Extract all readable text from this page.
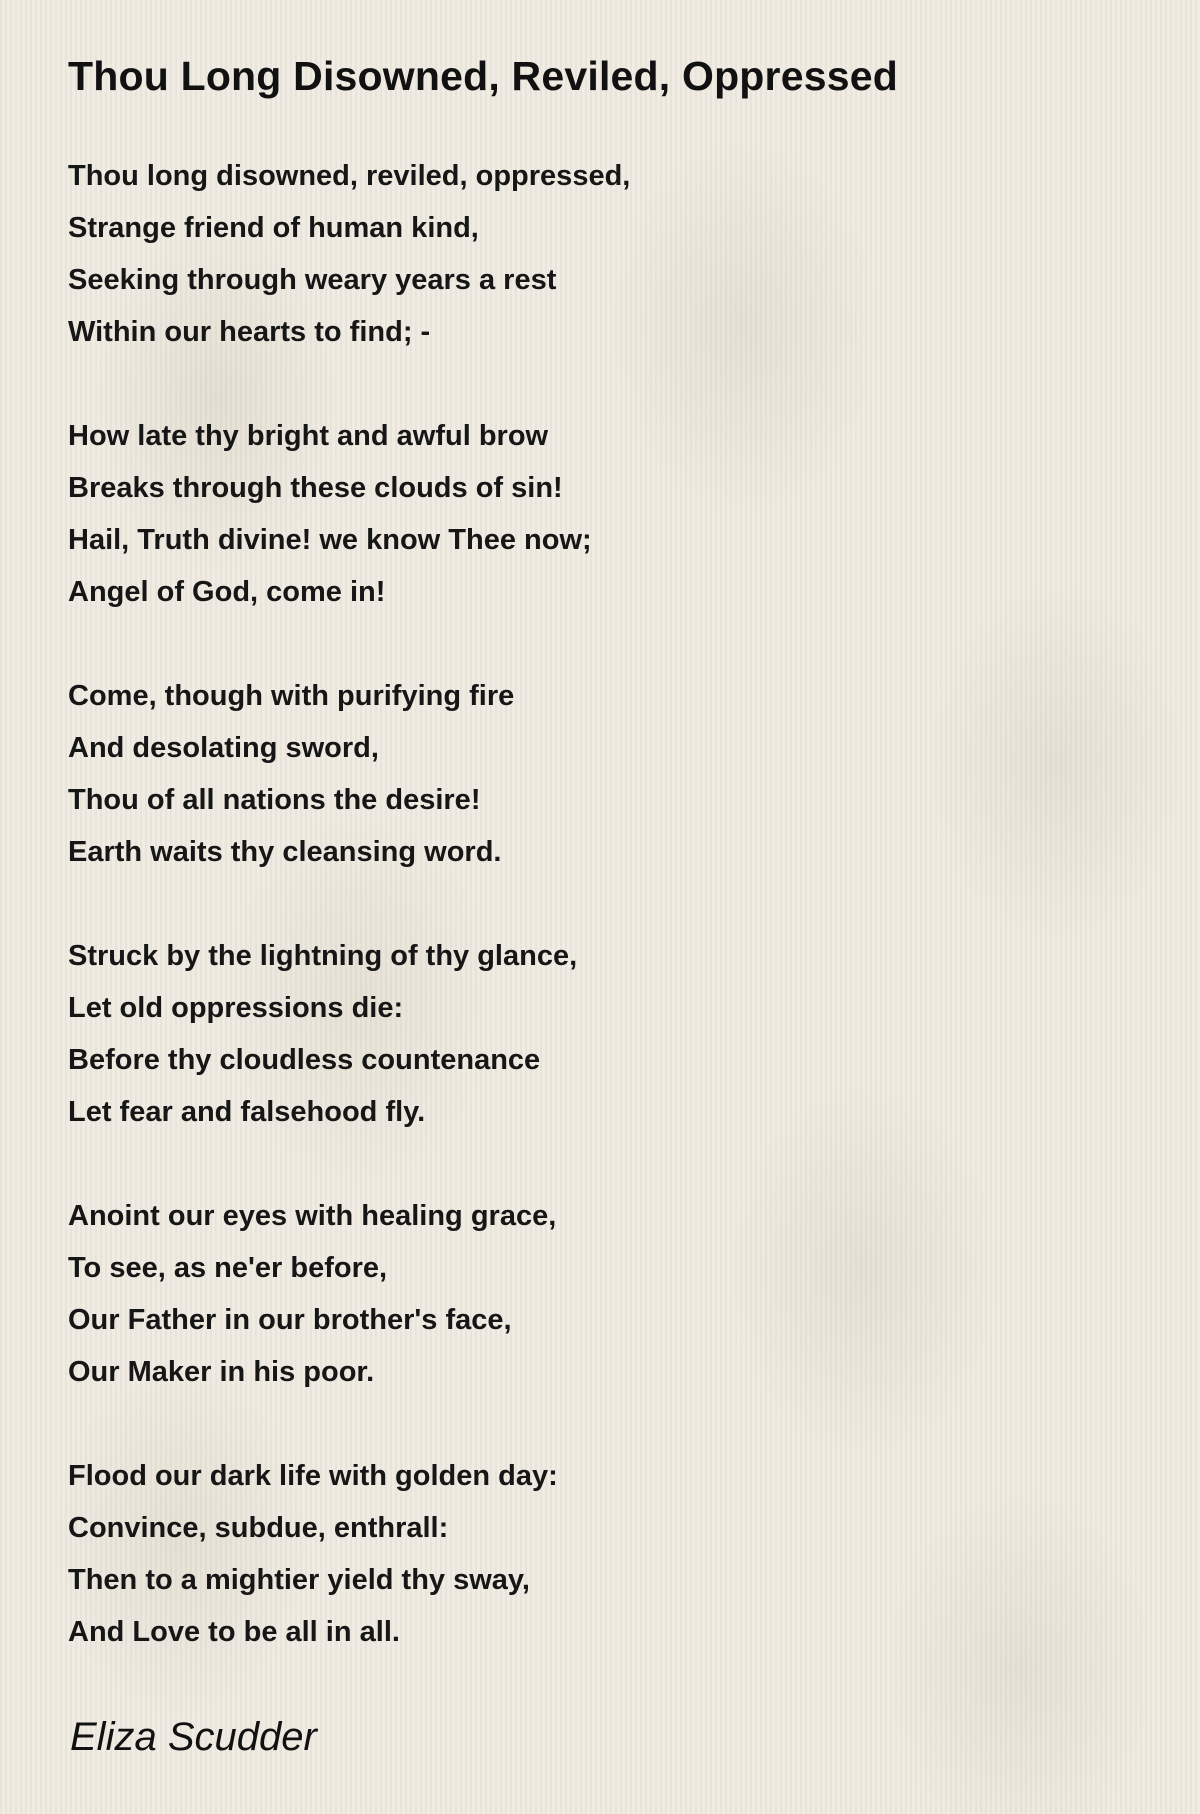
Thou Long Disowned, Reviled, Oppressed
Thou long disowned, reviled, oppressed,
Strange friend of human kind,
Seeking through weary years a rest
Within our hearts to find; -
How late thy bright and awful brow
Breaks through these clouds of sin!
Hail, Truth divine! we know Thee now;
Angel of God, come in!
Come, though with purifying fire
And desolating sword,
Thou of all nations the desire!
Earth waits thy cleansing word.
Struck by the lightning of thy glance,
Let old oppressions die:
Before thy cloudless countenance
Let fear and falsehood fly.
Anoint our eyes with healing grace,
To see, as ne'er before,
Our Father in our brother's face,
Our Maker in his poor.
Flood our dark life with golden day:
Convince, subdue, enthrall:
Then to a mightier yield thy sway,
And Love to be all in all.
Eliza Scudder
